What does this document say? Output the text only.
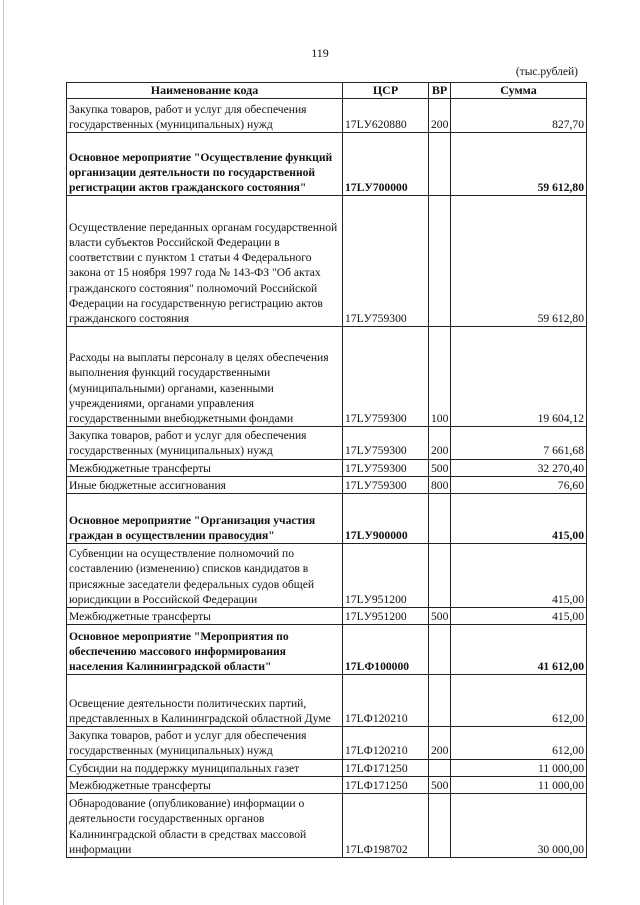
119
(тыс.рублей)
Наименование кода	ЦСР	ВР	Сумма
Закупка товаров, работ и услуг для обеспечения государственных (муниципальных) нужд	17LУ620880	200	827,70
Основное мероприятие "Осуществление функций организации деятельности по государственной регистрации актов гражданского состояния"	17LУ700000		59 612,80
Осуществление переданных органам государственной власти субъектов Российской Федерации в соответствии с пунктом 1 статьи 4 Федерального закона от 15 ноября 1997 года № 143-ФЗ "Об актах гражданского состояния" полномочий Российской Федерации на государственную регистрацию актов гражданского состояния	17LУ759300		59 612,80
Расходы на выплаты персоналу в целях обеспечения выполнения функций государственными (муниципальными) органами, казенными учреждениями, органами управления государственными внебюджетными фондами	17LУ759300	100	19 604,12
Закупка товаров, работ и услуг для обеспечения государственных (муниципальных) нужд	17LУ759300	200	7 661,68
Межбюджетные трансферты	17LУ759300	500	32 270,40
Иные бюджетные ассигнования	17LУ759300	800	76,60
Основное мероприятие "Организация участия граждан в осуществлении правосудия"	17LУ900000		415,00
Субвенции на осуществление полномочий по составлению (изменению) списков кандидатов в присяжные заседатели федеральных судов общей юрисдикции в Российской Федерации	17LУ951200		415,00
Межбюджетные трансферты	17LУ951200	500	415,00
Основное мероприятие "Мероприятия по обеспечению массового информирования населения Калининградской области"	17LФ100000		41 612,00
Освещение деятельности политических партий, представленных в Калининградской областной Думе	17LФ120210		612,00
Закупка товаров, работ и услуг для обеспечения государственных (муниципальных) нужд	17LФ120210	200	612,00
Субсидии на поддержку муниципальных газет	17LФ171250		11 000,00
Межбюджетные трансферты	17LФ171250	500	11 000,00
Обнародование (опубликование) информации о деятельности государственных органов Калининградской области в средствах массовой информации	17LФ198702		30 000,00
